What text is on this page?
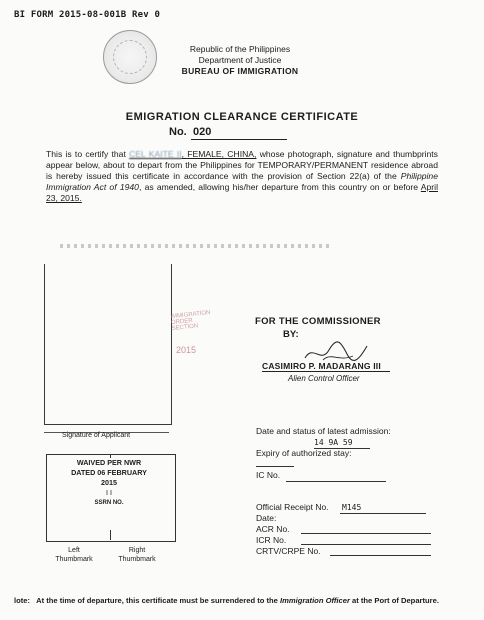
BI FORM 2015-08-001B Rev 0
Republic of the Philippines
Department of Justice
BUREAU OF IMMIGRATION
EMIGRATION CLEARANCE CERTIFICATE
No. 020
This is to certify that CEL KAITE II, FEMALE, CHINA, whose photograph, signature and thumbprints appear below, about to depart from the Philippines for TEMPORARY/PERMANENT residence abroad is hereby issued this certificate in accordance with the provision of Section 22(a) of the Philippine Immigration Act of 1940, as amended, allowing his/her departure from this country on or before April 23, 2015.
Signature of Applicant
IMMIGRATION ORDER SECTION
2015
FOR THE COMMISSIONER
BY:
CASIMIRO P. MADARANG III
Alien Control Officer
Date and status of latest admission:
14 9A 59
Expiry of authorized stay:
IC No.
Official Receipt No. M145
Date:
ACR No.
ICR No.
CRTV/CRPE No.
WAIVED PER NWR
DATED 06 FEBRUARY
2015
I I
SSRN NO.
Left Thumbmark
Right Thumbmark
lote: At the time of departure, this certificate must be surrendered to the Immigration Officer at the Port of Departure.
